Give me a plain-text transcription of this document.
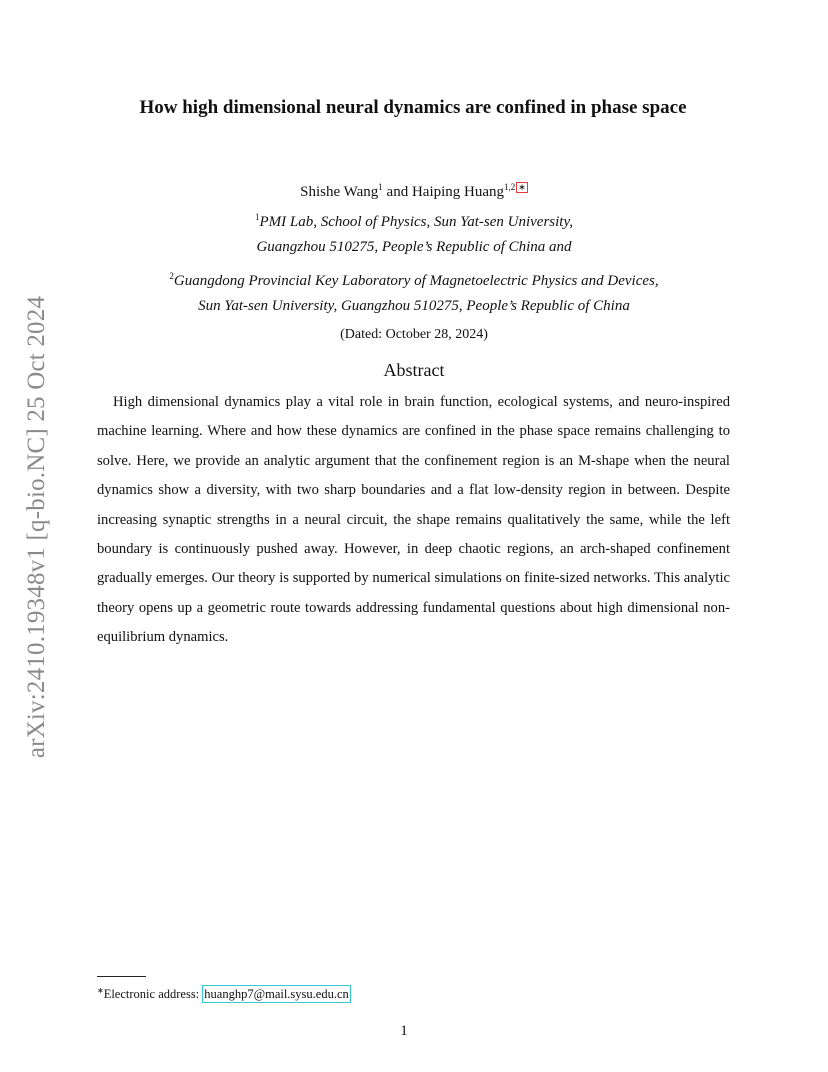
arXiv:2410.19348v1 [q-bio.NC] 25 Oct 2024
How high dimensional neural dynamics are confined in phase space
Shishe Wang$^1$ and Haiping Huang$^{1,2}$ ∗
$^1$PMI Lab, School of Physics, Sun Yat-sen University,
Guangzhou 510275, People’s Republic of China and
$^2$Guangdong Provincial Key Laboratory of Magnetoelectric Physics and Devices,
Sun Yat-sen University, Guangzhou 510275, People’s Republic of China
(Dated: October 28, 2024)
Abstract
High dimensional dynamics play a vital role in brain function, ecological systems, and neuro-inspired machine learning. Where and how these dynamics are confined in the phase space remains challenging to solve. Here, we provide an analytic argument that the confinement region is an M-shape when the neural dynamics show a diversity, with two sharp boundaries and a flat low-density region in between. Despite increasing synaptic strengths in a neural circuit, the shape remains qualitatively the same, while the left boundary is continuously pushed away. However, in deep chaotic regions, an arch-shaped confinement gradually emerges. Our theory is supported by numerical simulations on finite-sized networks. This analytic theory opens up a geometric route towards addressing fundamental questions about high dimensional non-equilibrium dynamics.
∗Electronic address: huanghp7@mail.sysu.edu.cn
1
